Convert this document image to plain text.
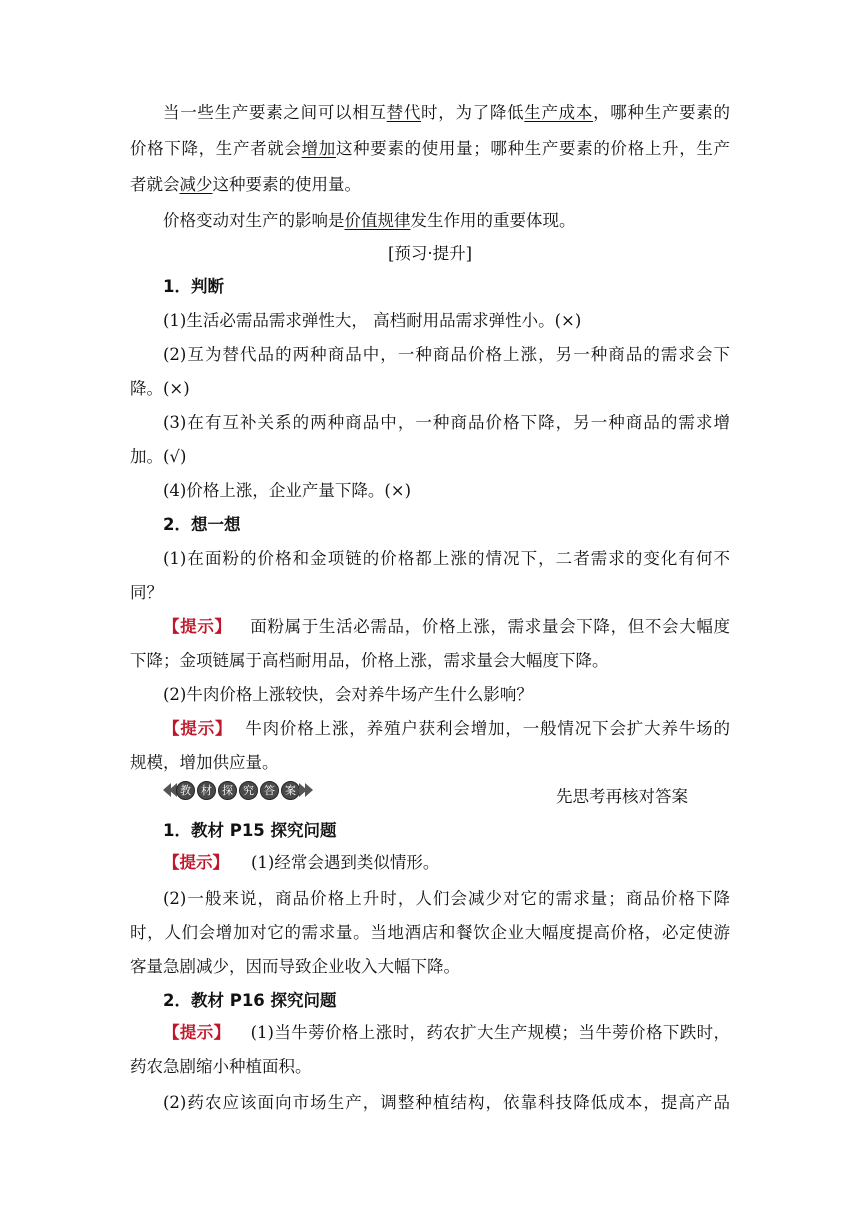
当一些生产要素之间可以相互替代时，为了降低生产成本，哪种生产要素的
价格下降，生产者就会增加这种要素的使用量；哪种生产要素的价格上升，生产
者就会减少这种要素的使用量。
价格变动对生产的影响是价值规律发生作用的重要体现。
[预习·提升]
1．判断
(1)生活必需品需求弹性大， 高档耐用品需求弹性小。(×)
(2)互为替代品的两种商品中，一种商品价格上涨，另一种商品的需求会下
降。(×)
(3)在有互补关系的两种商品中，一种商品价格下降，另一种商品的需求增
加。(√)
(4)价格上涨，企业产量下降。(×)
2．想一想
(1)在面粉的价格和金项链的价格都上涨的情况下，二者需求的变化有何不
同？
【提示】 面粉属于生活必需品，价格上涨，需求量会下降，但不会大幅度
下降；金项链属于高档耐用品，价格上涨，需求量会大幅度下降。
(2)牛肉价格上涨较快，会对养牛场产生什么影响？
【提示】 牛肉价格上涨，养殖户获利会增加，一般情况下会扩大养牛场的
规模，增加供应量。
教 材 探 究 答 案	先思考再核对答案
1．教材 P15 探究问题
【提示】 (1)经常会遇到类似情形。
(2)一般来说，商品价格上升时，人们会减少对它的需求量；商品价格下降
时，人们会增加对它的需求量。当地酒店和餐饮企业大幅度提高价格，必定使游
客量急剧减少，因而导致企业收入大幅下降。
2．教材 P16 探究问题
【提示】 (1)当牛蒡价格上涨时，药农扩大生产规模；当牛蒡价格下跌时，
药农急剧缩小种植面积。
(2)药农应该面向市场生产，调整种植结构，依靠科技降低成本，提高产品
